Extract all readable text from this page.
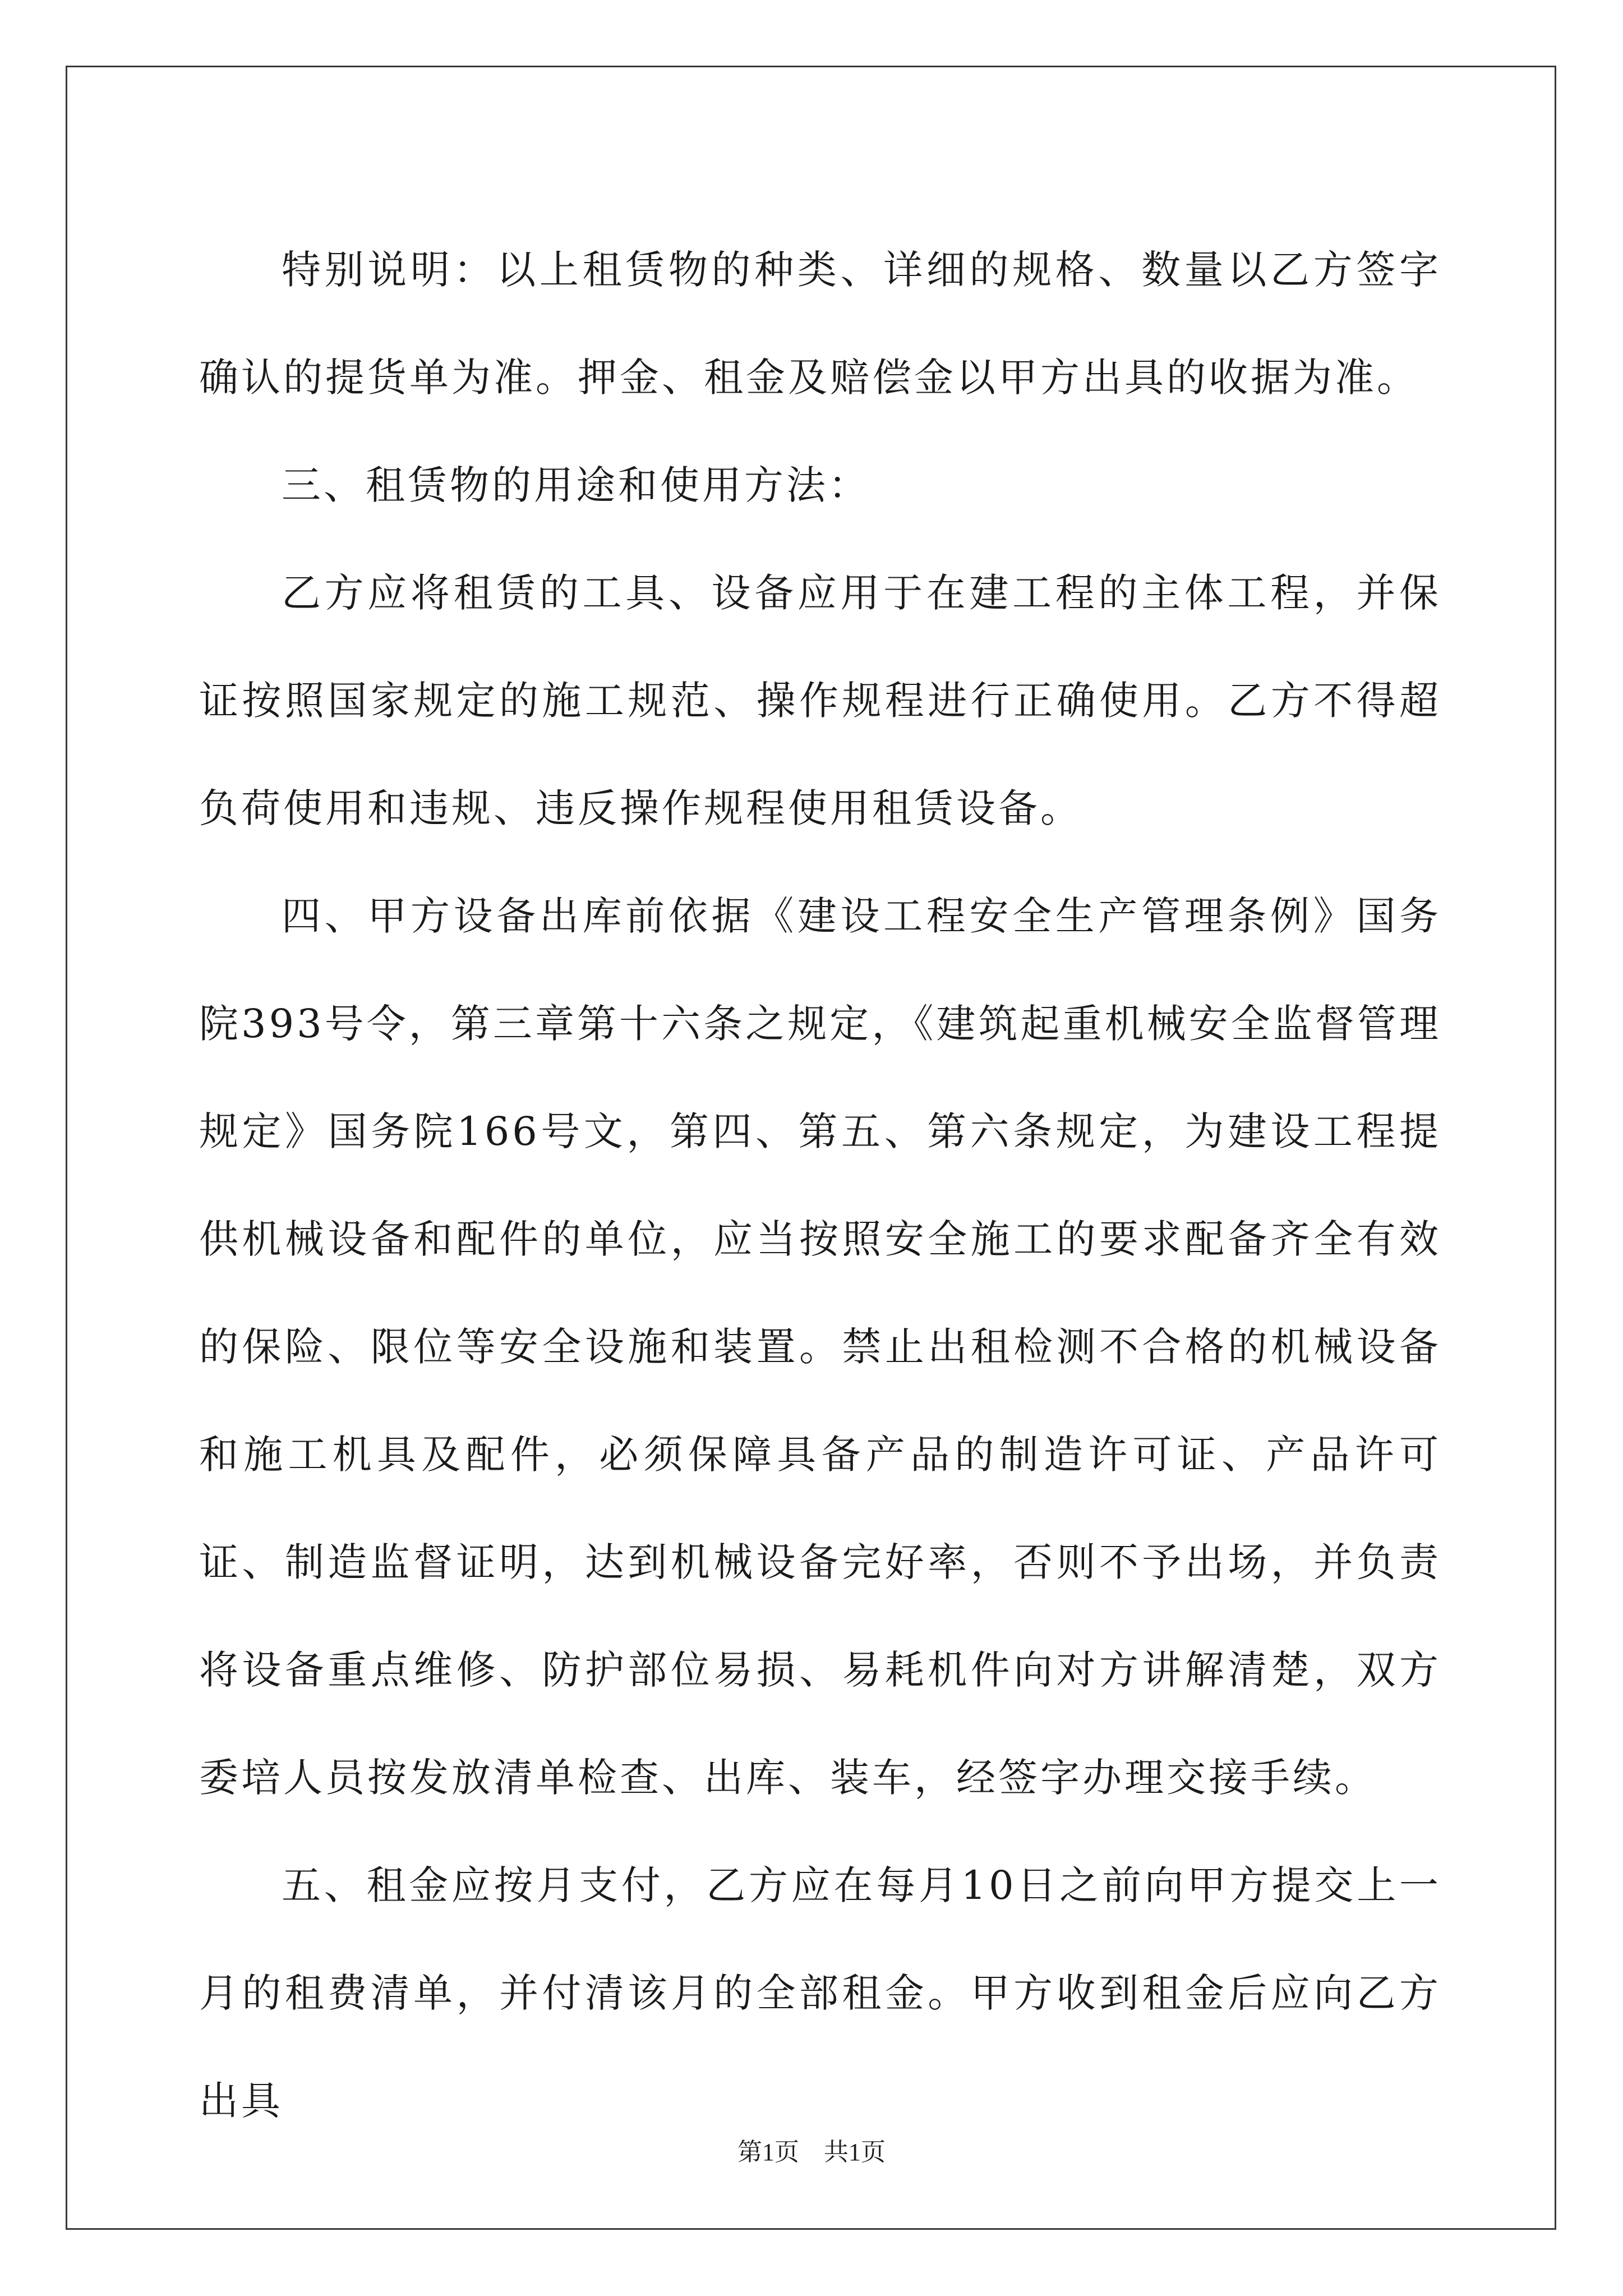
特别说明：以上租赁物的种类、详细的规格、数量以乙方签字确认的提货单为准。押金、租金及赔偿金以甲方出具的收据为准。

三、租赁物的用途和使用方法：

乙方应将租赁的工具、设备应用于在建工程的主体工程，并保证按照国家规定的施工规范、操作规程进行正确使用。乙方不得超负荷使用和违规、违反操作规程使用租赁设备。

四、甲方设备出库前依据《建设工程安全生产管理条例》国务院393号令，第三章第十六条之规定，《建筑起重机械安全监督管理规定》国务院166号文，第四、第五、第六条规定，为建设工程提供机械设备和配件的单位，应当按照安全施工的要求配备齐全有效的保险、限位等安全设施和装置。禁止出租检测不合格的机械设备和施工机具及配件，必须保障具备产品的制造许可证、产品许可证、制造监督证明，达到机械设备完好率，否则不予出场，并负责将设备重点维修、防护部位易损、易耗机件向对方讲解清楚，双方委培人员按发放清单检查、出库、装车，经签字办理交接手续。

五、租金应按月支付，乙方应在每月10日之前向甲方提交上一月的租费清单，并付清该月的全部租金。甲方收到租金后应向乙方出具

第1页　共1页
